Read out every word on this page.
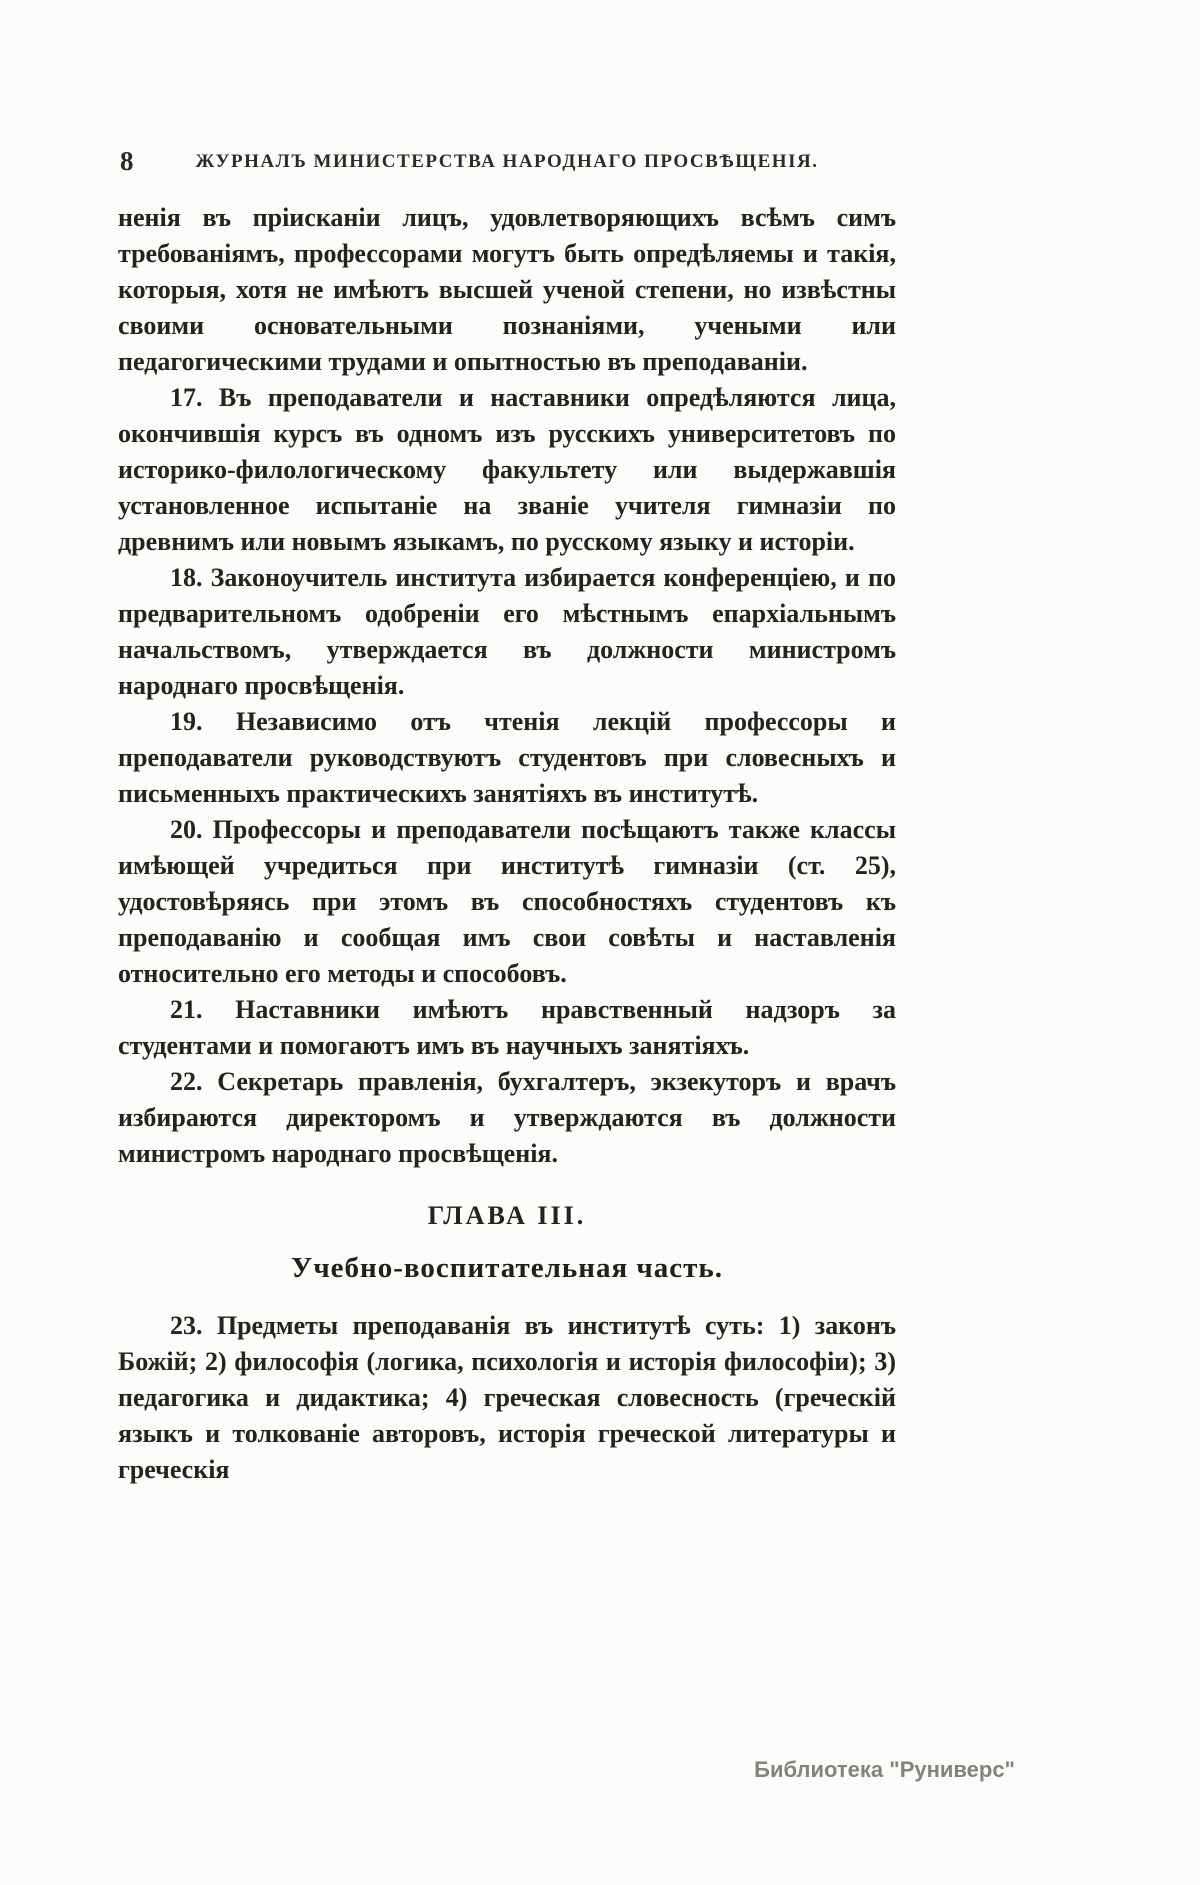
8	ЖУРНАЛЪ МИНИСТЕРСТВА НАРОДНАГО ПРОСВѢЩЕНІЯ.

ненія въ пріисканіи лицъ, удовлетворяющихъ всѣмъ симъ требованіямъ, профессорами могутъ быть опредѣляемы и такія, которыя, хотя не имѣютъ высшей ученой степени, но извѣстны своими основательными познаніями, учеными или педагогическими трудами и опытностью въ преподаваніи.

17. Въ преподаватели и наставники опредѣляются лица, окончившія курсъ въ одномъ изъ русскихъ университетовъ по историко-филологическому факультету или выдержавшія установленное испытаніе на званіе учителя гимназіи по древнимъ или новымъ языкамъ, по русскому языку и исторіи.

18. Законоучитель института избирается конференціею, и по предварительномъ одобреніи его мѣстнымъ епархіальнымъ начальствомъ, утверждается въ должности министромъ народнаго просвѣщенія.

19. Независимо отъ чтенія лекцій профессоры и преподаватели руководствуютъ студентовъ при словесныхъ и письменныхъ практическихъ занятіяхъ въ институтѣ.

20. Профессоры и преподаватели посѣщаютъ также классы имѣющей учредиться при институтѣ гимназіи (ст. 25), удостовѣряясь при этомъ въ способностяхъ студентовъ къ преподаванію и сообщая имъ свои совѣты и наставленія относительно его методы и способовъ.

21. Наставники имѣютъ нравственный надзоръ за студентами и помогаютъ имъ въ научныхъ занятіяхъ.

22. Секретарь правленія, бухгалтеръ, экзекуторъ и врачъ избираются директоромъ и утверждаются въ должности министромъ народнаго просвѣщенія.

ГЛАВА III.
Учебно-воспитательная часть.

23. Предметы преподаванія въ институтѣ суть: 1) законъ Божій; 2) философія (логика, психологія и исторія философіи); 3) педагогика и дидактика; 4) греческая словесность (греческій языкъ и толкованіе авторовъ, исторія греческой литературы и греческія

Библиотека "Руниверс"
